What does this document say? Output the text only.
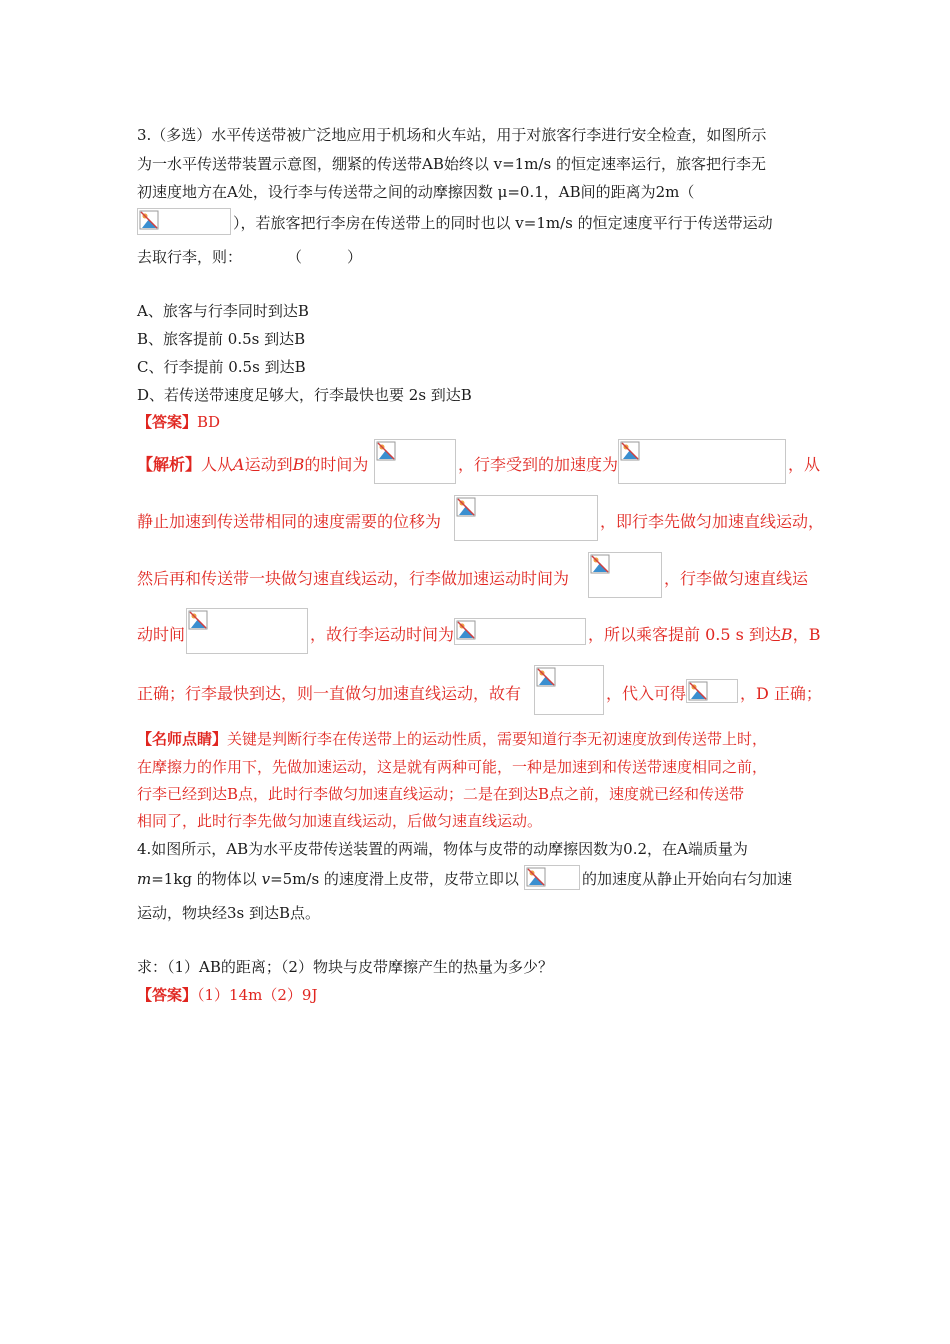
3.（多选）水平传送带被广泛地应用于机场和火车站，用于对旅客行李进行安全检查，如图所示
为一水平传送带装置示意图，绷紧的传送带AB始终以 v=1m/s 的恒定速率运行，旅客把行李无
初速度地方在A处，设行李与传送带之间的动摩擦因数 μ=0.1，AB间的距离为2m（
），若旅客把行李房在传送带上的同时也以 v=1m/s 的恒定速度平行于传送带运动
去取行李，则：　　　　（　　　）
A、旅客与行李同时到达B
B、旅客提前 0.5s 到达B
C、行李提前 0.5s 到达B
D、若传送带速度足够大，行李最快也要 2s 到达B
【答案】BD
【解析】人从A运动到B的时间为	，行李受到的加速度为	，从
静止加速到传送带相同的速度需要的位移为	，即行李先做匀加速直线运动，
然后再和传送带一块做匀速直线运动，行李做加速运动时间为	，行李做匀速直线运
动时间	，故行李运动时间为	，所以乘客提前 0.5 s 到达B，B
正确；行李最快到达，则一直做匀加速直线运动，故有	，代入可得	，D 正确；
【名师点睛】关键是判断行李在传送带上的运动性质，需要知道行李无初速度放到传送带上时，
在摩擦力的作用下，先做加速运动，这是就有两种可能，一种是加速到和传送带速度相同之前，
行李已经到达B点，此时行李做匀加速直线运动；二是在到达B点之前，速度就已经和传送带
相同了，此时行李先做匀加速直线运动，后做匀速直线运动。
4.如图所示，AB为水平皮带传送装置的两端，物体与皮带的动摩擦因数为0.2，在A端质量为
m=1kg 的物体以 v=5m/s 的速度滑上皮带，皮带立即以	的加速度从静止开始向右匀加速
运动，物块经3s 到达B点。
求：（1）AB的距离；（2）物块与皮带摩擦产生的热量为多少？
【答案】（1）14m（2）9J
